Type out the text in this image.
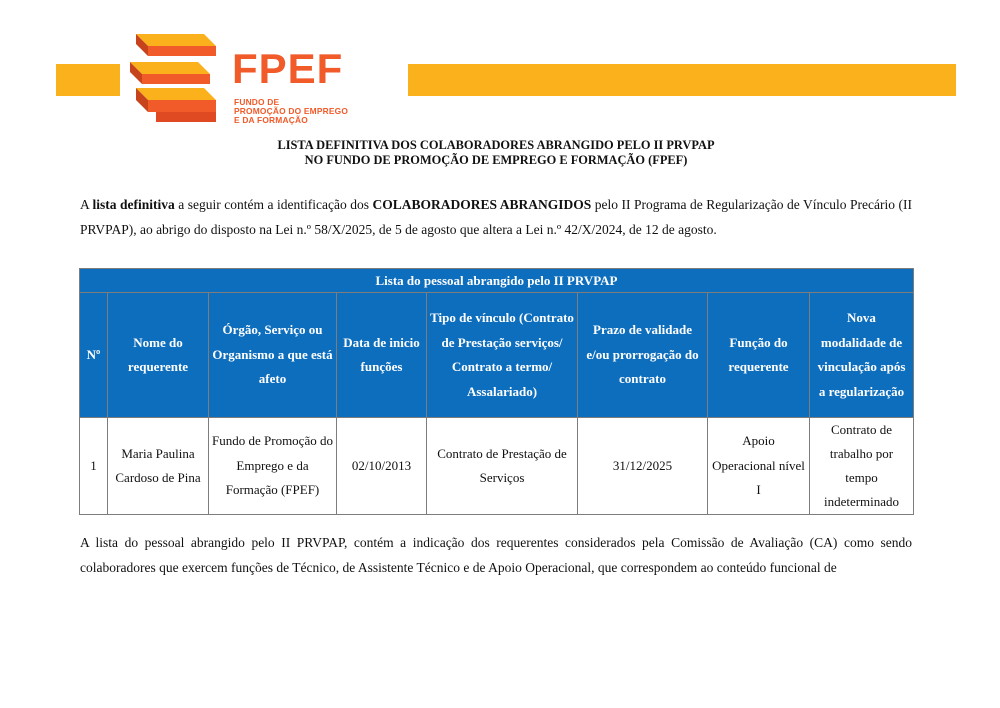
FPEF
FUNDO DE
PROMOÇÃO DO EMPREGO
E DA FORMAÇÃO
LISTA DEFINITIVA DOS COLABORADORES ABRANGIDO PELO II PRVPAP
NO FUNDO DE PROMOÇÃO DE EMPREGO E FORMAÇÃO (FPEF)
A lista definitiva a seguir contém a identificação dos COLABORADORES ABRANGIDOS pelo II Programa de Regularização de Vínculo Precário (II PRVPAP), ao abrigo do disposto na Lei n.º 58/X/2025, de 5 de agosto que altera a Lei n.º 42/X/2024, de 12 de agosto.
Lista do pessoal abrangido pelo II PRVPAP							
Nº	Nome do requerente	Órgão, Serviço ou Organismo a que está afeto	Data de inicio funções	Tipo de vínculo (Contrato de Prestação serviços/ Contrato a termo/ Assalariado)	Prazo de validade e/ou prorrogação do contrato	Função do requerente	Nova modalidade de vinculação após a regularização
1	Maria Paulina Cardoso de Pina	Fundo de Promoção do Emprego e da Formação (FPEF)	02/10/2013	Contrato de Prestação de Serviços	31/12/2025	Apoio Operacional nível I	Contrato de trabalho por tempo indeterminado
A lista do pessoal abrangido pelo II PRVPAP, contém a indicação dos requerentes considerados pela Comissão de Avaliação (CA) como sendo colaboradores que exercem funções de Técnico, de Assistente Técnico e de Apoio Operacional, que correspondem ao conteúdo funcional de
